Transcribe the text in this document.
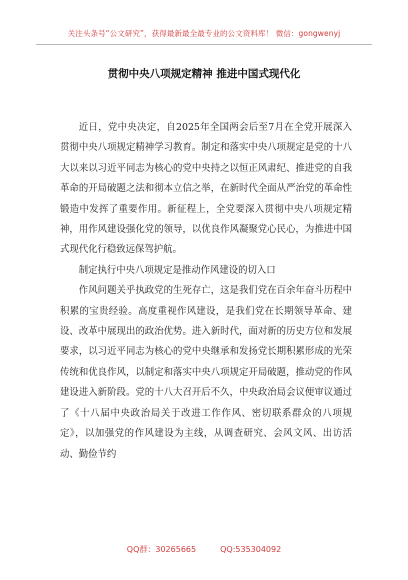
关注头条号“公文研究”，获得最新最全最专业的公文资料库！ 微信：gongwenyj
贯彻中央八项规定精神 推进中国式现代化

近日，党中央决定，自2025年全国两会后至7月在全党开展深入贯彻中央八项规定精神学习教育。制定和落实中央八项规定是党的十八大以来以习近平同志为核心的党中央持之以恒正风肃纪、推进党的自我革命的开局破题之法和彻本立信之举，在新时代全面从严治党的革命性锻造中发挥了重要作用。新征程上，全党要深入贯彻中央八项规定精神，用作风建设强化党的领导，以优良作风凝聚党心民心，为推进中国式现代化行稳致远保驾护航。

制定执行中央八项规定是推动作风建设的切入口

作风问题关乎执政党的生死存亡，这是我们党在百余年奋斗历程中积累的宝贵经验。高度重视作风建设，是我们党在长期领导革命、建设、改革中展现出的政治优势。进入新时代，面对新的历史方位和发展要求，以习近平同志为核心的党中央继承和发扬党长期积累形成的光荣传统和优良作风，以制定和落实中央八项规定开局破题，推动党的作风建设进入新阶段。党的十八大召开后不久，中央政治局会议便审议通过了《十八届中央政治局关于改进工作作风、密切联系群众的八项规定》，以加强党的作风建设为主线，从调查研究、会风文风、出访活动、勤俭节约

QQ群：30265665	QQ:535304092
